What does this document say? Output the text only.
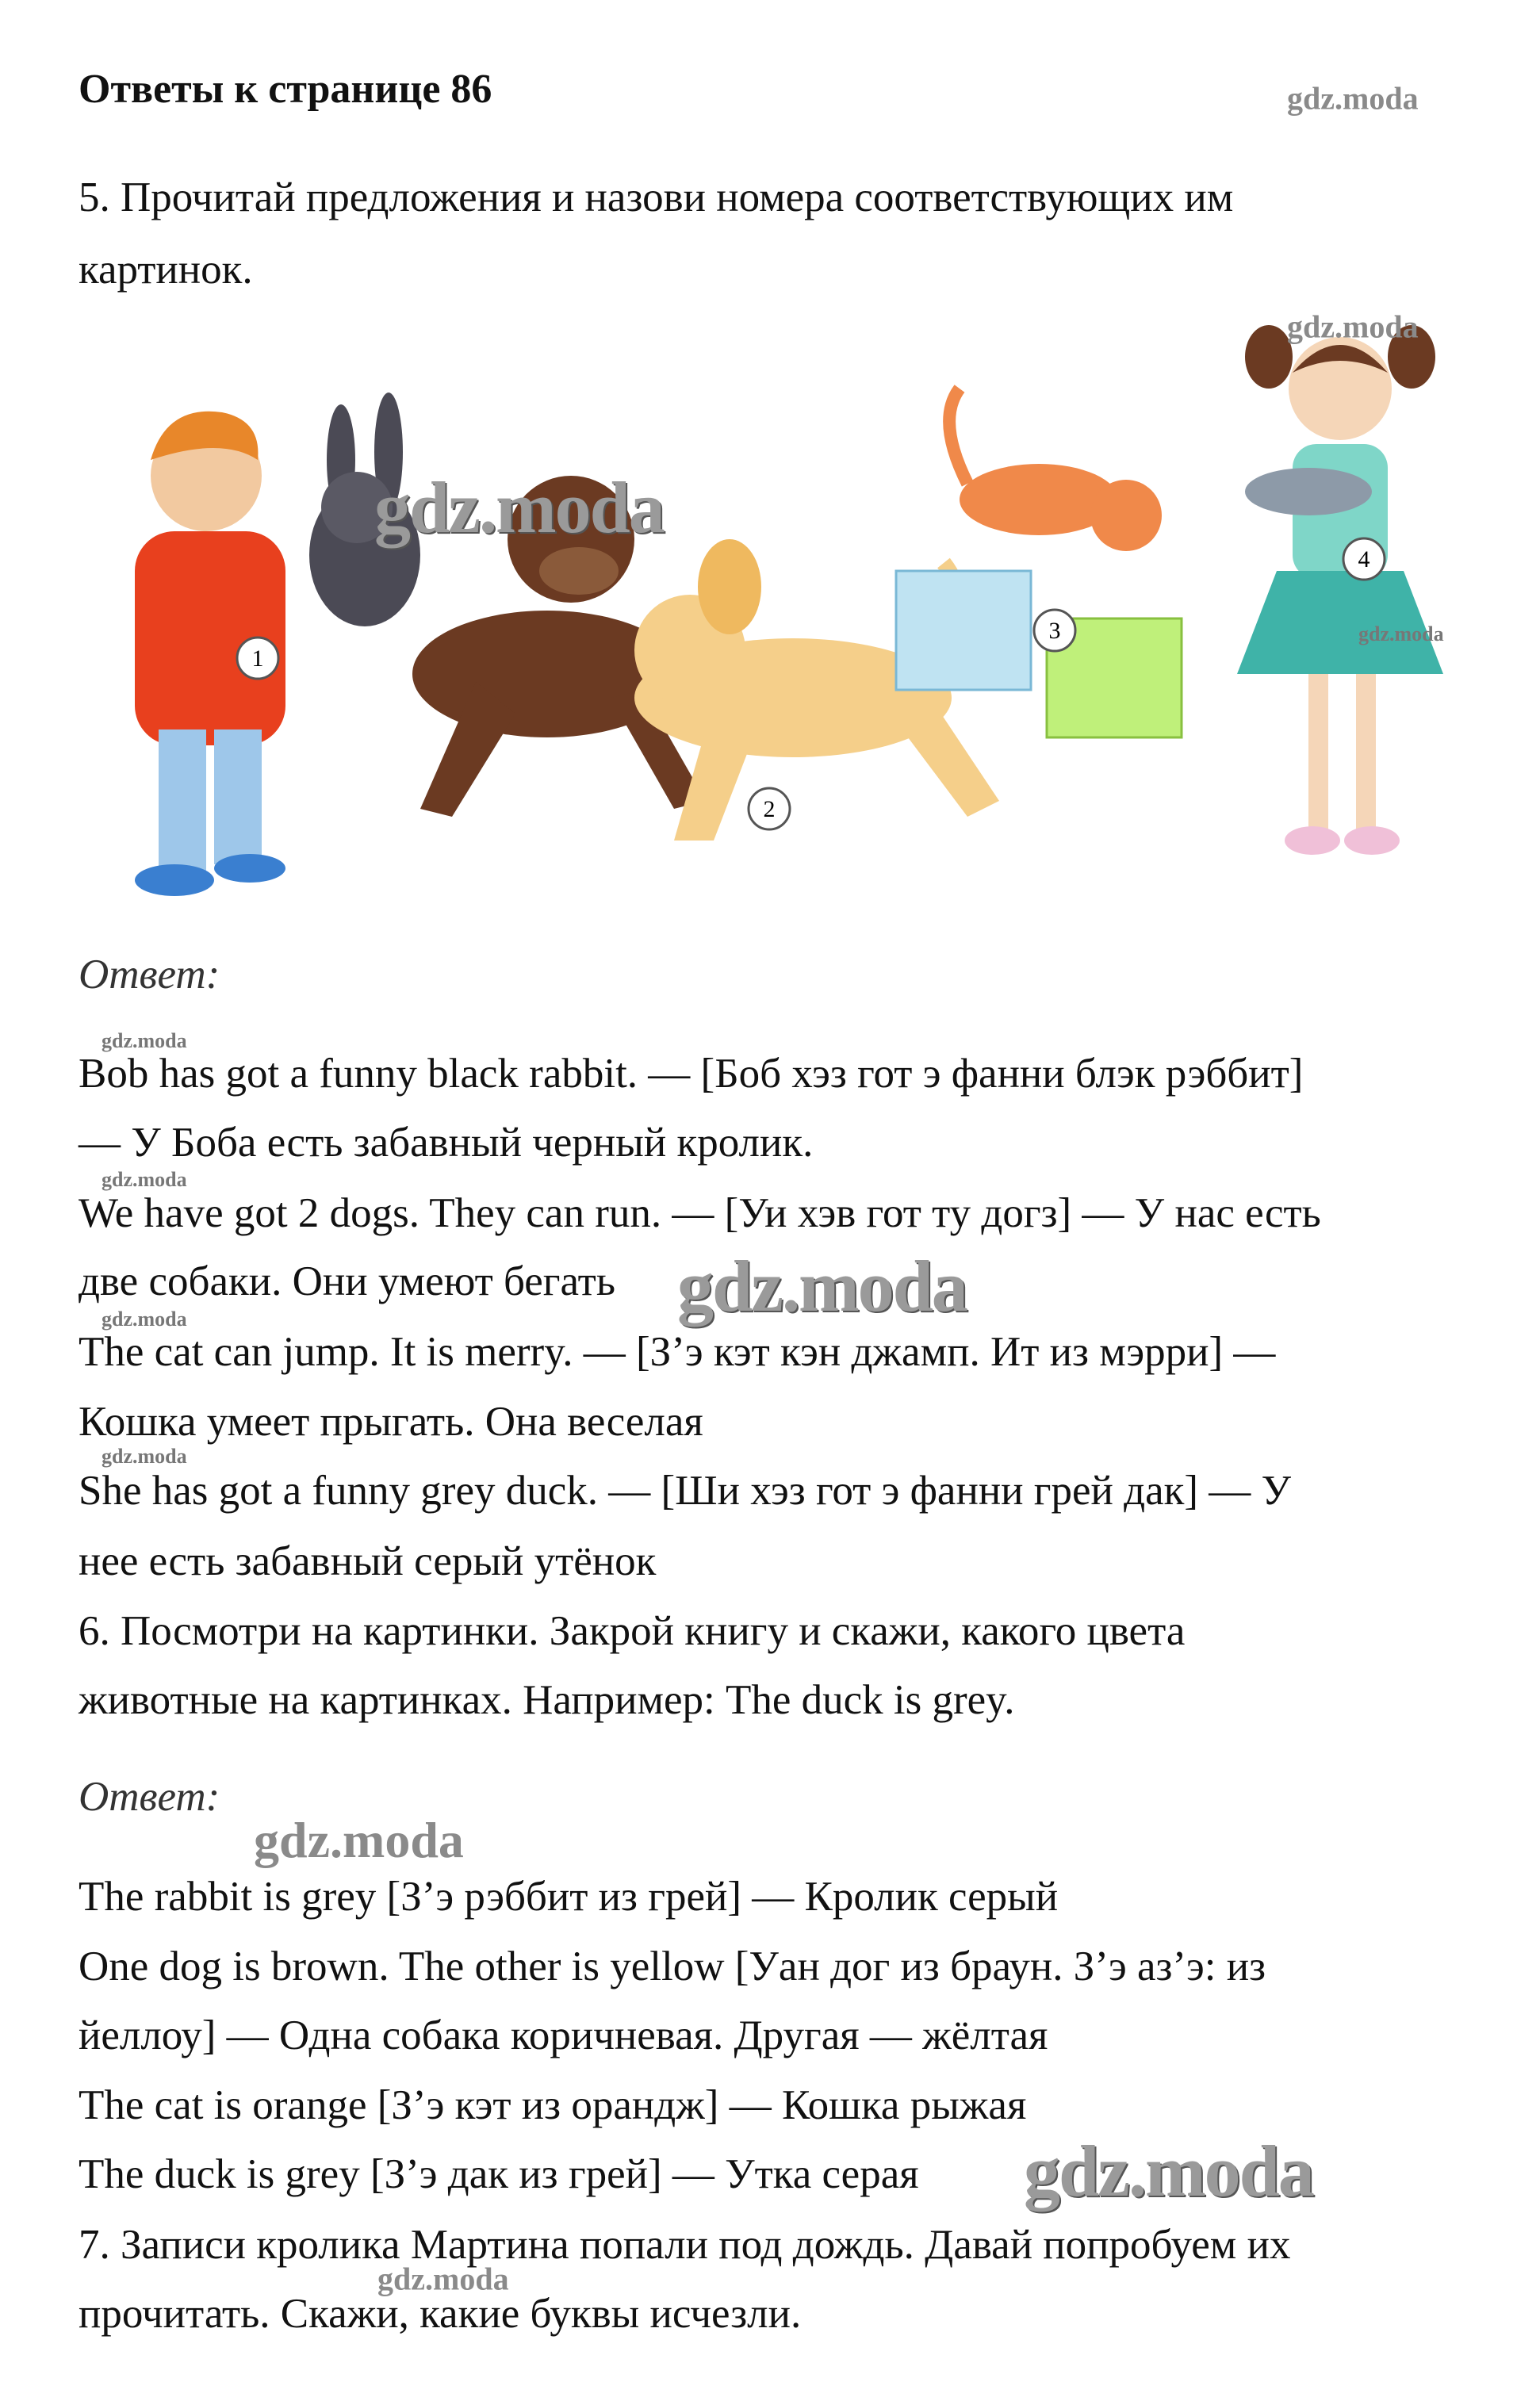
Ответы к странице 86
5. Прочитай предложения и назови номера соответствующих им
картинок.
1
2
3
4
Ответ:
Bob has got a funny black rabbit. — [Боб хэз гот э фанни блэк рэббит]
— У Боба есть забавный черный кролик.
We have got 2 dogs. They can run. — [Уи хэв гот ту догз] — У нас есть
две собаки. Они умеют бегать
The cat can jump. It is merry. — [З’э кэт кэн джамп. Ит из мэрри] —
Кошка умеет прыгать. Она веселая
She has got a funny grey duck. — [Ши хэз гот э фанни грей дак] — У
нее есть забавный серый утёнок
6. Посмотри на картинки. Закрой книгу и скажи, какого цвета
животные на картинках. Например: The duck is grey.
Ответ:
The rabbit is grey [З’э рэббит из грей] — Кролик серый
One dog is brown. The other is yellow [Уан дог из браун. З’э аз’э: из
йеллоу] — Одна собака коричневая. Другая — жёлтая
The cat is orange [З’э кэт из орандж] — Кошка рыжая
The duck is grey [З’э дак из грей] — Утка серая
7. Записи кролика Мартина попали под дождь. Давай попробуем их
прочитать. Скажи, какие буквы исчезли.
gdz.moda
gdz.moda
gdz.moda
gdz.moda
gdz.moda
gdz.moda
gdz.moda
gdz.moda
gdz.moda
gdz.moda
gdz.moda
gdz.moda
